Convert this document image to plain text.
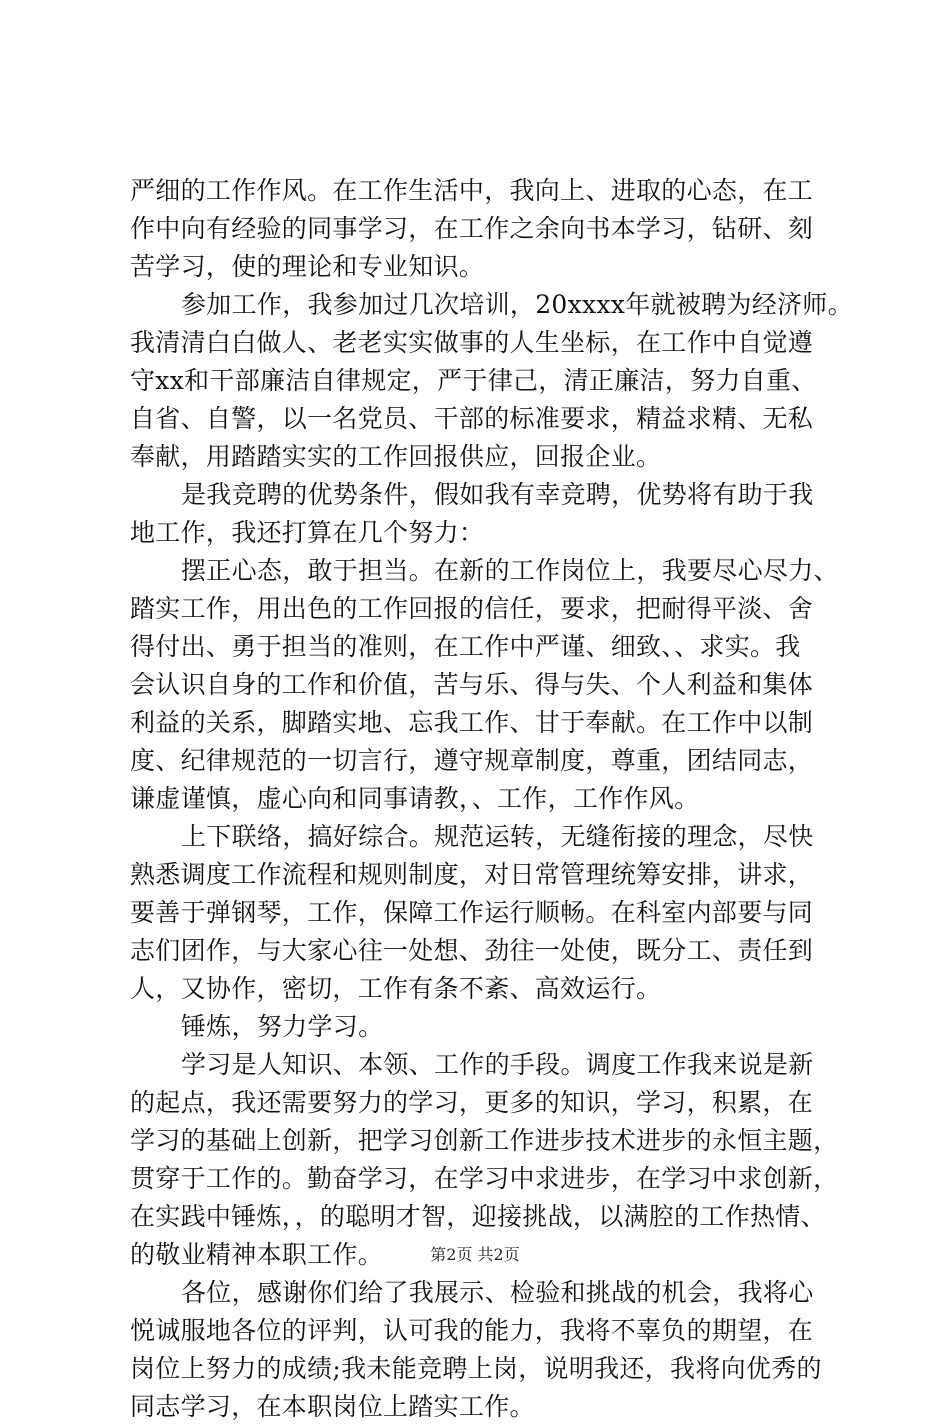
严细的工作作风。在工作生活中，我向上、进取的心态，在工
作中向有经验的同事学习，在工作之余向书本学习，钻研、刻
苦学习，使的理论和专业知识。
参加工作，我参加过几次培训，20xxxx年就被聘为经济师。
我清清白白做人、老老实实做事的人生坐标，在工作中自觉遵
守xx和干部廉洁自律规定，严于律己，清正廉洁，努力自重、
自省、自警，以一名党员、干部的标准要求，精益求精、无私
奉献，用踏踏实实的工作回报供应，回报企业。
是我竞聘的优势条件，假如我有幸竞聘，优势将有助于我
地工作，我还打算在几个努力：
摆正心态，敢于担当。在新的工作岗位上，我要尽心尽力、
踏实工作，用出色的工作回报的信任，要求，把耐得平淡、舍
得付出、勇于担当的准则，在工作中严谨、细致、、求实。我
会认识自身的工作和价值，苦与乐、得与失、个人利益和集体
利益的关系，脚踏实地、忘我工作、甘于奉献。在工作中以制
度、纪律规范的一切言行，遵守规章制度，尊重，团结同志，
谦虚谨慎，虚心向和同事请教，、工作，工作作风。
上下联络，搞好综合。规范运转，无缝衔接的理念，尽快
熟悉调度工作流程和规则制度，对日常管理统筹安排，讲求，
要善于弹钢琴，工作，保障工作运行顺畅。在科室内部要与同
志们团作，与大家心往一处想、劲往一处使，既分工、责任到
人，又协作，密切，工作有条不紊、高效运行。
锤炼，努力学习。
学习是人知识、本领、工作的手段。调度工作我来说是新
的起点，我还需要努力的学习，更多的知识，学习，积累，在
学习的基础上创新，把学习创新工作进步技术进步的永恒主题，
贯穿于工作的。勤奋学习，在学习中求进步，在学习中求创新，
在实践中锤炼，，的聪明才智，迎接挑战，以满腔的工作热情、
的敬业精神本职工作。
各位，感谢你们给了我展示、检验和挑战的机会，我将心
悦诚服地各位的评判，认可我的能力，我将不辜负的期望，在
岗位上努力的成绩;我未能竞聘上岗，说明我还，我将向优秀的
同志学习，在本职岗位上踏实工作。
第2页 共2页
